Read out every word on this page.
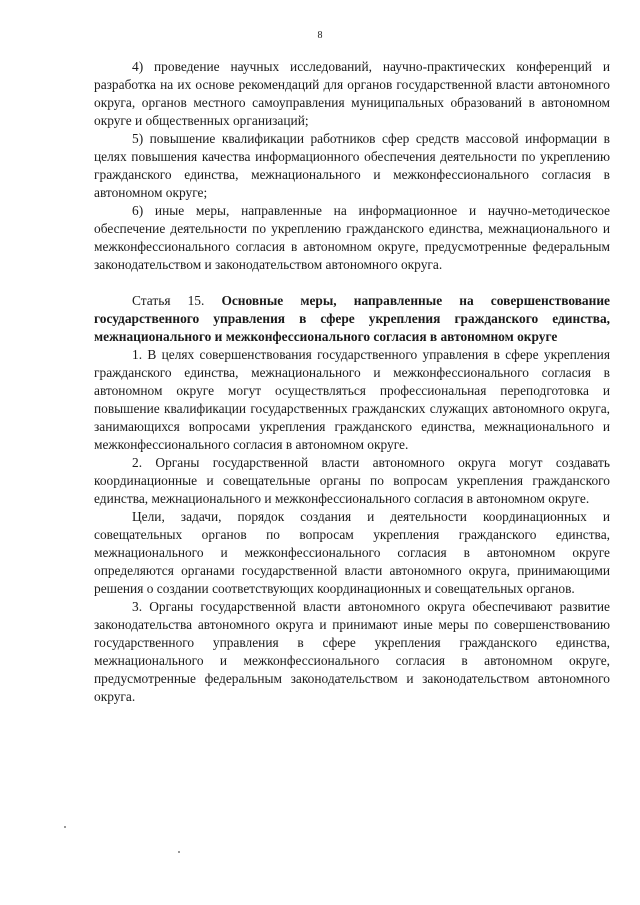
8

4) проведение научных исследований, научно-практических конференций и разработка на их основе рекомендаций для органов государственной власти автономного округа, органов местного самоуправления муниципальных образований в автономном округе и общественных организаций;

5) повышение квалификации работников сфер средств массовой информации в целях повышения качества информационного обеспечения деятельности по укреплению гражданского единства, межнационального и межконфессионального согласия в автономном округе;

6) иные меры, направленные на информационное и научно-методическое обеспечение деятельности по укреплению гражданского единства, межнационального и межконфессионального согласия в автономном округе, предусмотренные федеральным законодательством и законодательством автономного округа.

Статья 15. Основные меры, направленные на совершенствование государственного управления в сфере укрепления гражданского единства, межнационального и межконфессионального согласия в автономном округе

1. В целях совершенствования государственного управления в сфере укрепления гражданского единства, межнационального и межконфессионального согласия в автономном округе могут осуществляться профессиональная переподготовка и повышение квалификации государственных гражданских служащих автономного округа, занимающихся вопросами укрепления гражданского единства, межнационального и межконфессионального согласия в автономном округе.

2. Органы государственной власти автономного округа могут создавать координационные и совещательные органы по вопросам укрепления гражданского единства, межнационального и межконфессионального согласия в автономном округе.

Цели, задачи, порядок создания и деятельности координационных и совещательных органов по вопросам укрепления гражданского единства, межнационального и межконфессионального согласия в автономном округе определяются органами государственной власти автономного округа, принимающими решения о создании соответствующих координационных и совещательных органов.

3. Органы государственной власти автономного округа обеспечивают развитие законодательства автономного округа и принимают иные меры по совершенствованию государственного управления в сфере укрепления гражданского единства, межнационального и межконфессионального согласия в автономном округе, предусмотренные федеральным законодательством и законодательством автономного округа.
